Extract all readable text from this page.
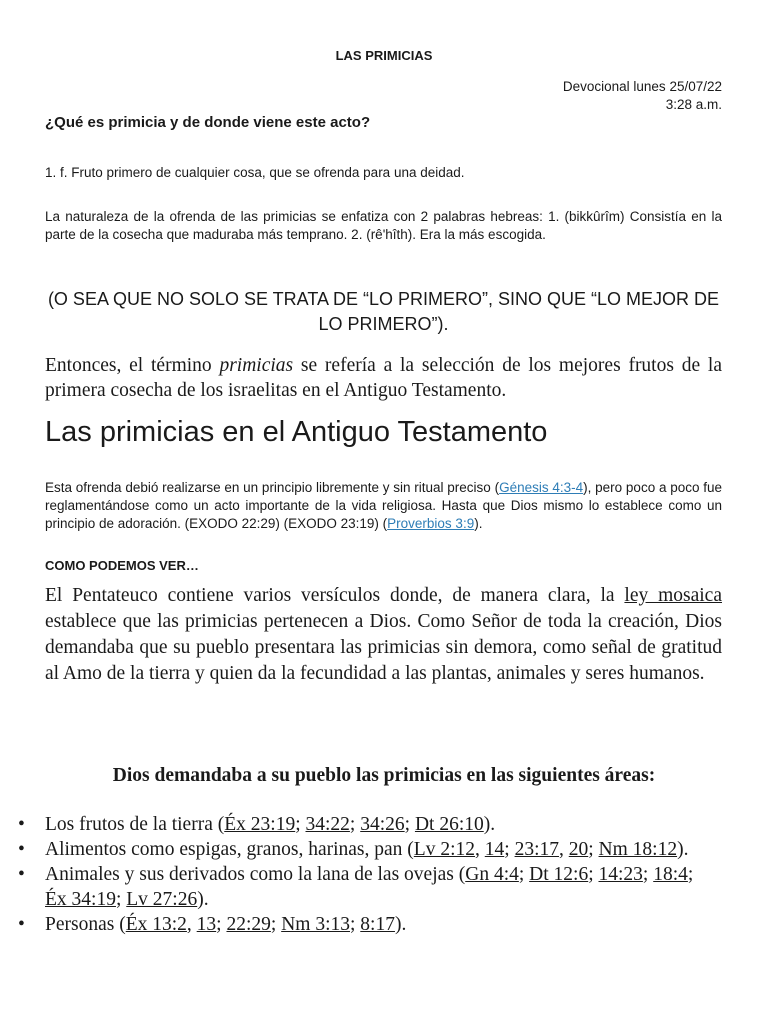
LAS PRIMICIAS
Devocional lunes 25/07/22
3:28 a.m.
¿Qué es primicia y de donde viene este acto?
1. f. Fruto primero de cualquier cosa, que se ofrenda para una deidad.
La naturaleza de la ofrenda de las primicias se enfatiza con 2 palabras hebreas: 1. (bikkûrîm) Consistía en la parte de la cosecha que maduraba más temprano. 2. (rê'hîth). Era la más escogida.
(O SEA QUE NO SOLO SE TRATA DE “LO PRIMERO”, SINO QUE “LO MEJOR DE LO PRIMERO”).
Entonces, el término primicias se refería a la selección de los mejores frutos de la primera cosecha de los israelitas en el Antiguo Testamento.
Las primicias en el Antiguo Testamento
Esta ofrenda debió realizarse en un principio libremente y sin ritual preciso (Génesis 4:3-4), pero poco a poco fue reglamentándose como un acto importante de la vida religiosa. Hasta que Dios mismo lo establece como un principio de adoración. (EXODO 22:29) (EXODO 23:19) (Proverbios 3:9).
COMO PODEMOS VER…
El Pentateuco contiene varios versículos donde, de manera clara, la ley mosaica establece que las primicias pertenecen a Dios. Como Señor de toda la creación, Dios demandaba que su pueblo presentara las primicias sin demora, como señal de gratitud al Amo de la tierra y quien da la fecundidad a las plantas, animales y seres humanos.
Dios demandaba a su pueblo las primicias en las siguientes áreas:
• Los frutos de la tierra (Éx 23:19; 34:22; 34:26; Dt 26:10).
• Alimentos como espigas, granos, harinas, pan (Lv 2:12, 14; 23:17, 20; Nm 18:12).
• Animales y sus derivados como la lana de las ovejas (Gn 4:4; Dt 12:6; 14:23; 18:4; Éx 34:19; Lv 27:26).
• Personas (Éx 13:2, 13; 22:29; Nm 3:13; 8:17).
